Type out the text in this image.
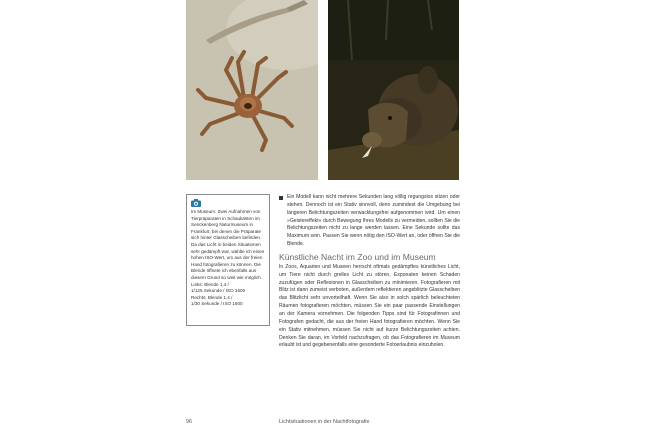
Im Museum: Zwei Aufnahmen von Tierpräparaten in Schaukästen im Senckenberg Naturmuseum in Frankfurt, bei denen die Präparate sich hinter Glasscheiben befinden. Da das Licht in beiden Situationen sehr gedämpft war, wählte ich einen hohen ISO-Wert, um aus der freien Hand fotografieren zu können. Die Blende öffnete ich ebenfalls aus diesem Grund so weit wie möglich.
Links: Blende 1,4 /
1/125 Sekunde / ISO 1600
Rechts: Blende 1,4 /
1/30 Sekunde / ISO 1600
Ein Modell kann nicht mehrere Sekunden lang völlig regungslos sitzen oder stehen. Dennoch ist ein Stativ sinnvoll, denn zumindest die Umgebung bei längeren Belichtungszeiten verwacklungsfrei aufgenommen wird. Um einen »Geistereffekt« durch Bewegung Ihres Modells zu vermeiden, sollten Sie die Belichtungszeiten nicht zu lange werden lassen. Eine Sekunde sollte das Maximum sein. Passen Sie wenn nötig den ISO-Wert an, oder öffnen Sie die Blende.
Künstliche Nacht im Zoo und im Museum
In Zoos, Aquarien und Museen herrscht oftmals gedämpftes künstliches Licht, um Tiere nicht durch grelles Licht zu stören, Exponaten keinen Schaden zuzufügen oder Reflexionen in Glasscheiben zu minimieren. Fotografieren mit Blitz ist dann zumeist verboten, außerdem reflektieren angeblitzte Glasscheiben das Blitzlicht sehr unvorteilhaft. Wenn Sie also in solch spärlich beleuchteten Räumen fotografieren möchten, müssen Sie ein paar passende Einstellungen an der Kamera vornehmen. Die folgenden Tipps sind für Fotografinnen und Fotografen gedacht, die aus der freien Hand fotografieren möchten. Wenn Sie ein Stativ mitnehmen, müssen Sie nicht auf kurze Belichtungszeiten achten. Denken Sie daran, im Vorfeld nachzufragen, ob das Fotografieren im Museum erlaubt ist und gegebenenfalls eine gesonderte Fotoerlaubnis einzuholen.
96	Lichtsituationen in der Nachtfotografie
